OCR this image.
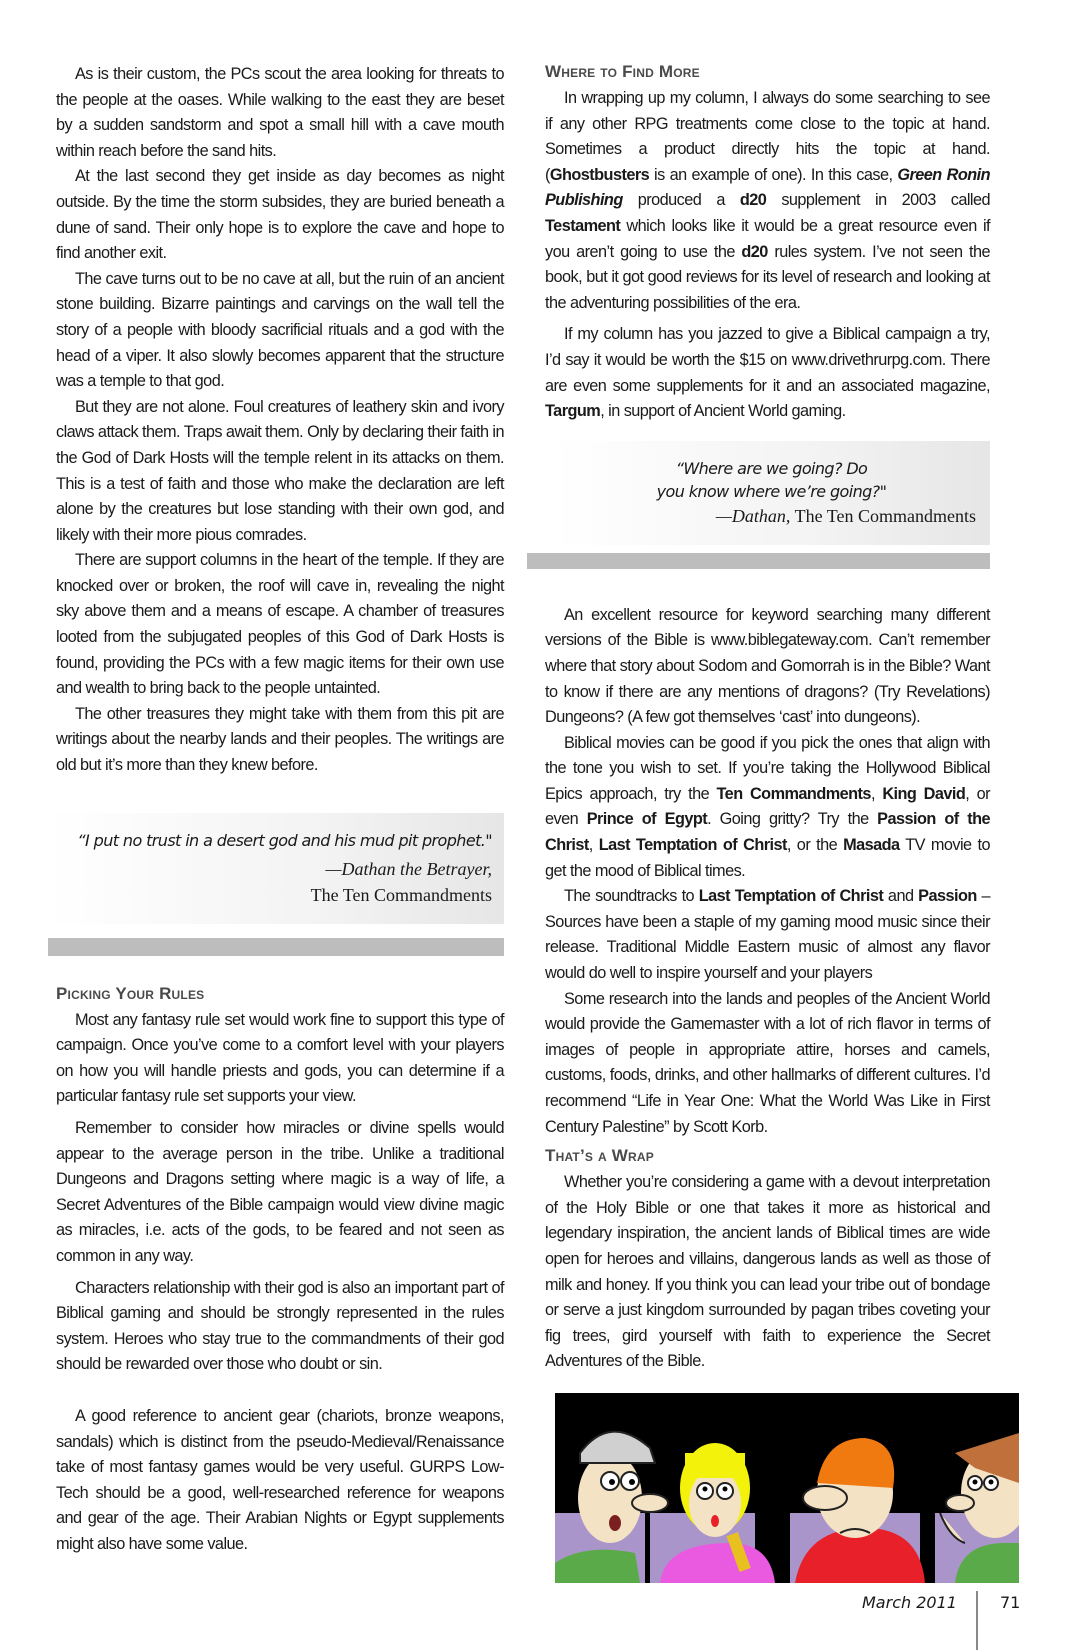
As is their custom, the PCs scout the area looking for threats to the people at the oases. While walking to the east they are beset by a sudden sandstorm and spot a small hill with a cave mouth within reach before the sand hits.

At the last second they get inside as day becomes as night outside. By the time the storm subsides, they are buried beneath a dune of sand. Their only hope is to explore the cave and hope to find another exit.

The cave turns out to be no cave at all, but the ruin of an ancient stone building. Bizarre paintings and carvings on the wall tell the story of a people with bloody sacrificial rituals and a god with the head of a viper. It also slowly becomes apparent that the structure was a temple to that god.

But they are not alone. Foul creatures of leathery skin and ivory claws attack them. Traps await them. Only by declaring their faith in the God of Dark Hosts will the temple relent in its attacks on them. This is a test of faith and those who make the declaration are left alone by the creatures but lose standing with their own god, and likely with their more pious comrades.

There are support columns in the heart of the temple. If they are knocked over or broken, the roof will cave in, revealing the night sky above them and a means of escape. A chamber of treasures looted from the subjugated peoples of this God of Dark Hosts is found, providing the PCs with a few magic items for their own use and wealth to bring back to the people untainted.

The other treasures they might take with them from this pit are writings about the nearby lands and their peoples. The writings are old but it’s more than they knew before.

“I put no trust in a desert god and his mud pit prophet."
—Dathan the Betrayer,
The Ten Commandments
Picking Your Rules

Most any fantasy rule set would work fine to support this type of campaign. Once you’ve come to a comfort level with your players on how you will handle priests and gods, you can determine if a particular fantasy rule set supports your view.

Remember to consider how miracles or divine spells would appear to the average person in the tribe. Unlike a traditional Dungeons and Dragons setting where magic is a way of life, a Secret Adventures of the Bible campaign would view divine magic as miracles, i.e. acts of the gods, to be feared and not seen as common in any way.

Characters relationship with their god is also an important part of Biblical gaming and should be strongly represented in the rules system. Heroes who stay true to the commandments of their god should be rewarded over those who doubt or sin.

A good reference to ancient gear (chariots, bronze weapons, sandals) which is distinct from the pseudo-Medieval/Renaissance take of most fantasy games would be very useful. GURPS Low-Tech should be a good, well-researched reference for weapons and gear of the age. Their Arabian Nights or Egypt supplements might also have some value.

Where to Find More

In wrapping up my column, I always do some searching to see if any other RPG treatments come close to the topic at hand. Sometimes a product directly hits the topic at hand. (Ghostbusters is an example of one). In this case, Green Ronin Publishing produced a d20 supplement in 2003 called Testament which looks like it would be a great resource even if you aren’t going to use the d20 rules system. I’ve not seen the book, but it got good reviews for its level of research and looking at the adventuring possibilities of the era.

If my column has you jazzed to give a Biblical campaign a try, I’d say it would be worth the $15 on www.drivethrurpg.com. There are even some supplements for it and an associated magazine, Targum, in support of Ancient World gaming.

“Where are we going? Do
you know where we’re going?"
—Dathan, The Ten Commandments

An excellent resource for keyword searching many different versions of the Bible is www.biblegateway.com. Can’t remember where that story about Sodom and Gomorrah is in the Bible? Want to know if there are any mentions of dragons? (Try Revelations) Dungeons? (A few got themselves ‘cast’ into dungeons).

Biblical movies can be good if you pick the ones that align with the tone you wish to set. If you’re taking the Hollywood Biblical Epics approach, try the Ten Commandments, King David, or even Prince of Egypt. Going gritty? Try the Passion of the Christ, Last Temptation of Christ, or the Masada TV movie to get the mood of Biblical times.

The soundtracks to Last Temptation of Christ and Passion – Sources have been a staple of my gaming mood music since their release. Traditional Middle Eastern music of almost any flavor would do well to inspire yourself and your players

Some research into the lands and peoples of the Ancient World would provide the Gamemaster with a lot of rich flavor in terms of images of people in appropriate attire, horses and camels, customs, foods, drinks, and other hallmarks of different cultures. I’d recommend “Life in Year One: What the World Was Like in First Century Palestine” by Scott Korb.

That’s a Wrap

Whether you’re considering a game with a devout interpretation of the Holy Bible or one that takes it more as historical and legendary inspiration, the ancient lands of Biblical times are wide open for heroes and villains, dangerous lands as well as those of milk and honey. If you think you can lead your tribe out of bondage or serve a just kingdom surrounded by pagan tribes coveting your fig trees, gird yourself with faith to experience the Secret Adventures of the Bible.

March 2011	71
